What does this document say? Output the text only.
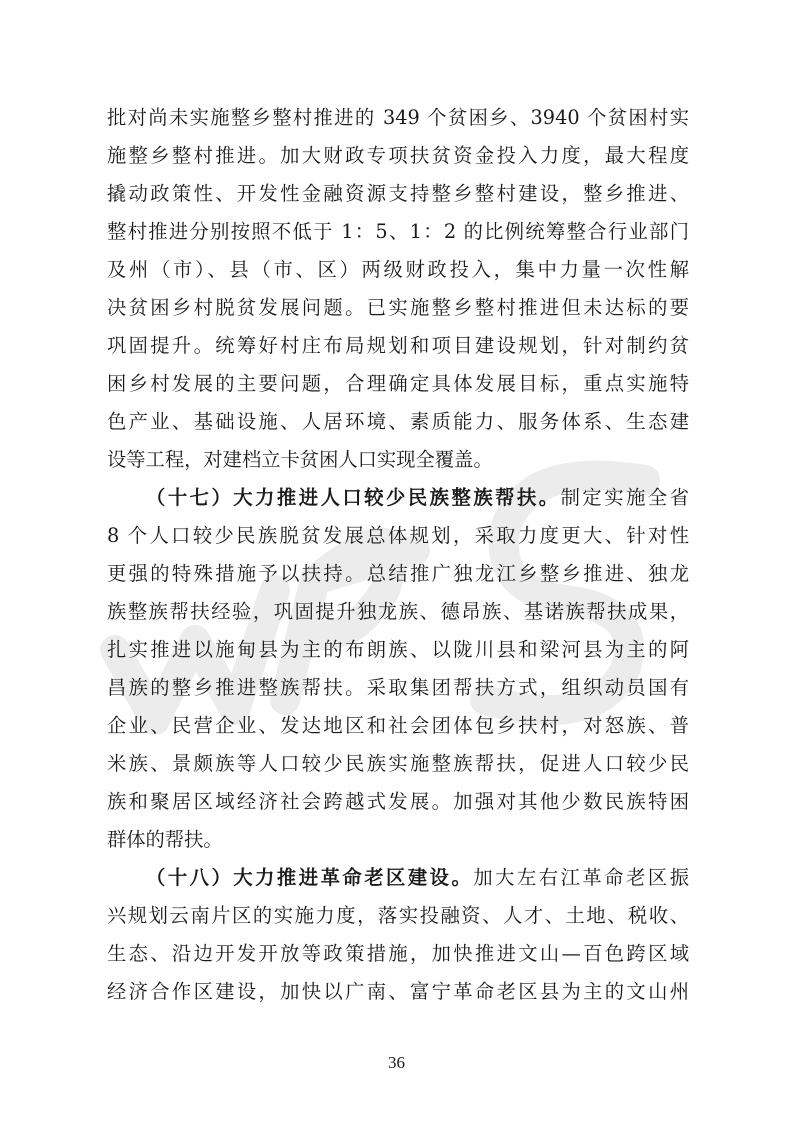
批对尚未实施整乡整村推进的 349 个贫困乡、3940 个贫困村实
施整乡整村推进。加大财政专项扶贫资金投入力度，最大程度
撬动政策性、开发性金融资源支持整乡整村建设，整乡推进、
整村推进分别按照不低于 1：5、1：2 的比例统筹整合行业部门
及州（市）、县（市、区）两级财政投入，集中力量一次性解
决贫困乡村脱贫发展问题。已实施整乡整村推进但未达标的要
巩固提升。统筹好村庄布局规划和项目建设规划，针对制约贫
困乡村发展的主要问题，合理确定具体发展目标，重点实施特
色产业、基础设施、人居环境、素质能力、服务体系、生态建
设等工程，对建档立卡贫困人口实现全覆盖。
（十七）大力推进人口较少民族整族帮扶。制定实施全省
8 个人口较少民族脱贫发展总体规划，采取力度更大、针对性
更强的特殊措施予以扶持。总结推广独龙江乡整乡推进、独龙
族整族帮扶经验，巩固提升独龙族、德昂族、基诺族帮扶成果，
扎实推进以施甸县为主的布朗族、以陇川县和梁河县为主的阿
昌族的整乡推进整族帮扶。采取集团帮扶方式，组织动员国有
企业、民营企业、发达地区和社会团体包乡扶村，对怒族、普
米族、景颇族等人口较少民族实施整族帮扶，促进人口较少民
族和聚居区域经济社会跨越式发展。加强对其他少数民族特困
群体的帮扶。
（十八）大力推进革命老区建设。加大左右江革命老区振
兴规划云南片区的实施力度，落实投融资、人才、土地、税收、
生态、沿边开发开放等政策措施，加快推进文山—百色跨区域
经济合作区建设，加快以广南、富宁革命老区县为主的文山州
36
